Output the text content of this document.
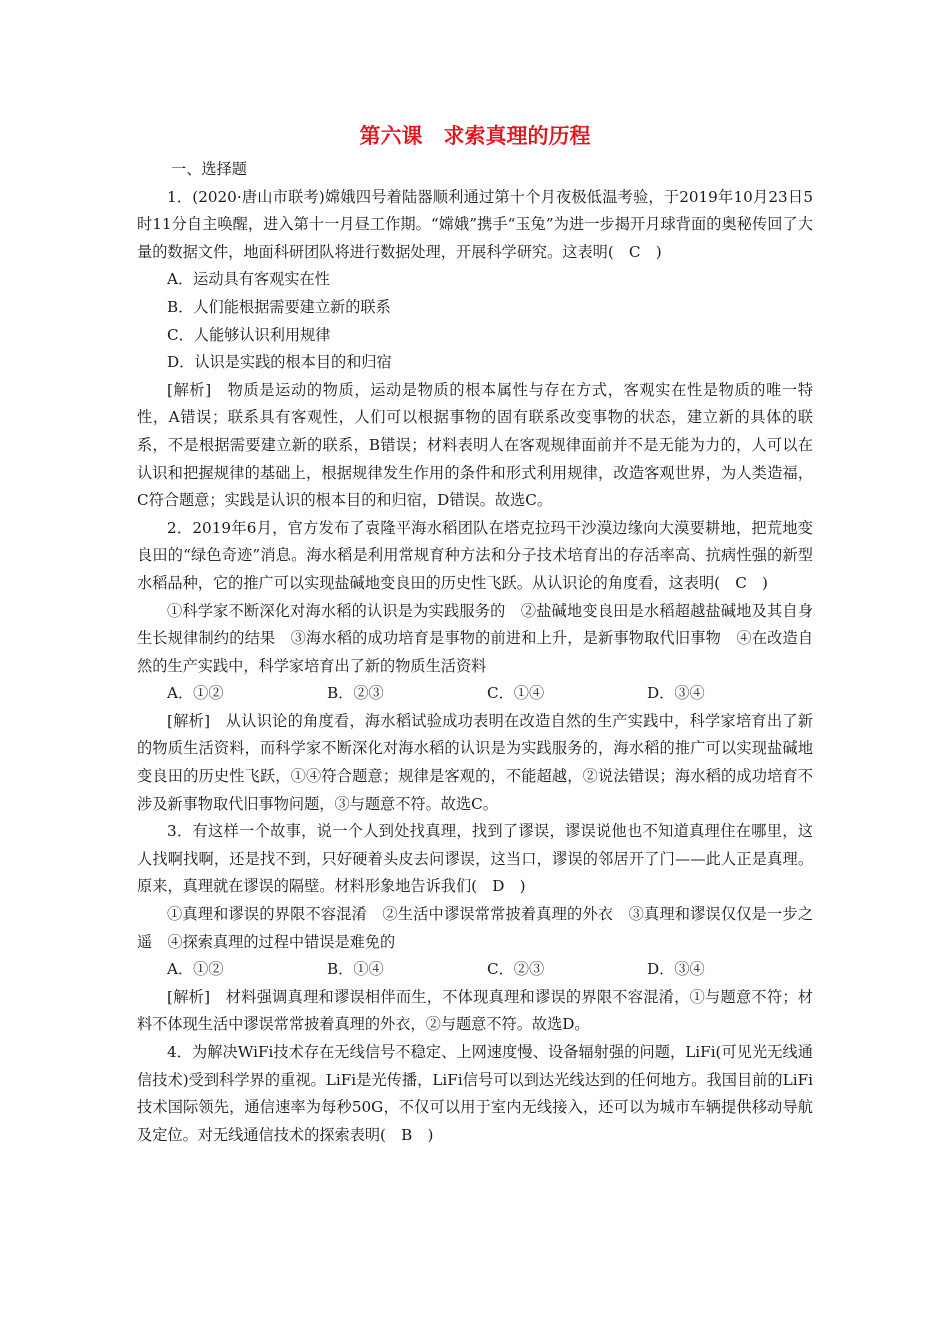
第六课　求索真理的历程

一、选择题

1．(2020·唐山市联考)嫦娥四号着陆器顺利通过第十个月夜极低温考验，于2019年10月23日5时11分自主唤醒，进入第十一月昼工作期。“嫦娥”携手“玉兔”为进一步揭开月球背面的奥秘传回了大量的数据文件，地面科研团队将进行数据处理，开展科学研究。这表明(　C　)

A．运动具有客观实在性

B．人们能根据需要建立新的联系

C．人能够认识利用规律

D．认识是实践的根本目的和归宿

[解析]　物质是运动的物质，运动是物质的根本属性与存在方式，客观实在性是物质的唯一特性，A错误；联系具有客观性，人们可以根据事物的固有联系改变事物的状态，建立新的具体的联系，不是根据需要建立新的联系，B错误；材料表明人在客观规律面前并不是无能为力的，人可以在认识和把握规律的基础上，根据规律发生作用的条件和形式利用规律，改造客观世界，为人类造福，C符合题意；实践是认识的根本目的和归宿，D错误。故选C。

2．2019年6月，官方发布了袁隆平海水稻团队在塔克拉玛干沙漠边缘向大漠要耕地，把荒地变良田的“绿色奇迹”消息。海水稻是利用常规育种方法和分子技术培育出的存活率高、抗病性强的新型水稻品种，它的推广可以实现盐碱地变良田的历史性飞跃。从认识论的角度看，这表明(　C　)

①科学家不断深化对海水稻的认识是为实践服务的　②盐碱地变良田是水稻超越盐碱地及其自身生长规律制约的结果　③海水稻的成功培育是事物的前进和上升，是新事物取代旧事物　④在改造自然的生产实践中，科学家培育出了新的物质生活资料

A．①②	B．②③	C．①④	D．③④

[解析]　从认识论的角度看，海水稻试验成功表明在改造自然的生产实践中，科学家培育出了新的物质生活资料，而科学家不断深化对海水稻的认识是为实践服务的，海水稻的推广可以实现盐碱地变良田的历史性飞跃，①④符合题意；规律是客观的，不能超越，②说法错误；海水稻的成功培育不涉及新事物取代旧事物问题，③与题意不符。故选C。

3．有这样一个故事，说一个人到处找真理，找到了谬误，谬误说他也不知道真理住在哪里，这人找啊找啊，还是找不到，只好硬着头皮去问谬误，这当口，谬误的邻居开了门——此人正是真理。原来，真理就在谬误的隔壁。材料形象地告诉我们(　D　)

①真理和谬误的界限不容混淆　②生活中谬误常常披着真理的外衣　③真理和谬误仅仅是一步之遥　④探索真理的过程中错误是难免的

A．①②	B．①④	C．②③	D．③④

[解析]　材料强调真理和谬误相伴而生，不体现真理和谬误的界限不容混淆，①与题意不符；材料不体现生活中谬误常常披着真理的外衣，②与题意不符。故选D。

4．为解决WiFi技术存在无线信号不稳定、上网速度慢、设备辐射强的问题，LiFi(可见光无线通信技术)受到科学界的重视。LiFi是光传播，LiFi信号可以到达光线达到的任何地方。我国目前的LiFi技术国际领先，通信速率为每秒50G，不仅可以用于室内无线接入，还可以为城市车辆提供移动导航及定位。对无线通信技术的探索表明(　B　)
